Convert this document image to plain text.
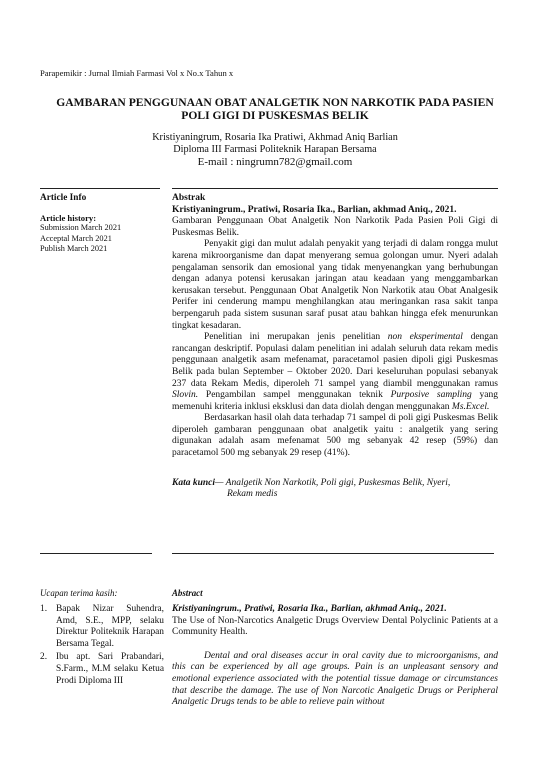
Parapemikir : Jurnal Ilmiah Farmasi Vol x No.x Tahun x
GAMBARAN PENGGUNAAN OBAT ANALGETIK NON NARKOTIK PADA PASIEN
POLI GIGI DI PUSKESMAS BELIK
Kristiyaningrum, Rosaria Ika Pratiwi, Akhmad Aniq Barlian
Diploma III Farmasi Politeknik Harapan Bersama
E-mail : ningrumn782@gmail.com
Article Info
Article history:
Submission March 2021
Acceptal March 2021
Publish March 2021

Abstrak

Kristiyaningrum., Pratiwi, Rosaria Ika., Barlian, akhmad Aniq., 2021.

Gambaran Penggunaan Obat Analgetik Non Narkotik Pada Pasien Poli Gigi di Puskesmas Belik.

Penyakit gigi dan mulut adalah penyakit yang terjadi di dalam rongga mulut karena mikroorganisme dan dapat menyerang semua golongan umur. Nyeri adalah pengalaman sensorik dan emosional yang tidak menyenangkan yang berhubungan dengan adanya potensi kerusakan jaringan atau keadaan yang menggambarkan kerusakan tersebut. Penggunaan Obat Analgetik Non Narkotik atau Obat Analgesik Perifer ini cenderung mampu menghilangkan atau meringankan rasa sakit tanpa berpengaruh pada sistem susunan saraf pusat atau bahkan hingga efek menurunkan tingkat kesadaran.

Penelitian ini merupakan jenis penelitian non eksperimental dengan rancangan deskriptif. Populasi dalam penelitian ini adalah seluruh data rekam medis penggunaan analgetik asam mefenamat, paracetamol pasien dipoli gigi Puskesmas Belik pada bulan September – Oktober 2020. Dari keseluruhan populasi sebanyak 237 data Rekam Medis, diperoleh 71 sampel yang diambil menggunakan ramus Slovin. Pengambilan sampel menggunakan teknik Purposive sampling yang memenuhi kriteria inklusi eksklusi dan data diolah dengan menggunakan Ms.Excel.

Berdasarkan hasil olah data terhadap 71 sampel di poli gigi Puskesmas Belik diperoleh gambaran penggunaan obat analgetik yaitu : analgetik yang sering digunakan adalah asam mefenamat 500 mg sebanyak 42 resep (59%) dan paracetamol 500 mg sebanyak 29 resep (41%).

Kata kunci— Analgetik Non Narkotik, Poli gigi, Puskesmas Belik, Nyeri,

Rekam medis

Ucapan terima kasih:	Abstract
1. Bapak Nizar Suhendra, Amd, S.E., MPP, selaku Direktur Politeknik Harapan Bersama Tegal.
2. Ibu apt. Sari Prabandari, S.Farm., M.M selaku Ketua Prodi Diploma III

Kristiyaningrum., Pratiwi, Rosaria Ika., Barlian, akhmad Aniq., 2021.

The Use of Non-Narcotics Analgetic Drugs Overview Dental Polyclinic Patients at a Community Health.

Dental and oral diseases accur in oral cavity due to microorganisms, and this can be experienced by all age groups. Pain is an unpleasant sensory and emotional experience associated with the potential tissue damage or circumstances that describe the damage. The use of Non Narcotic Analgetic Drugs or Peripheral Analgetic Drugs tends to be able to relieve pain without
